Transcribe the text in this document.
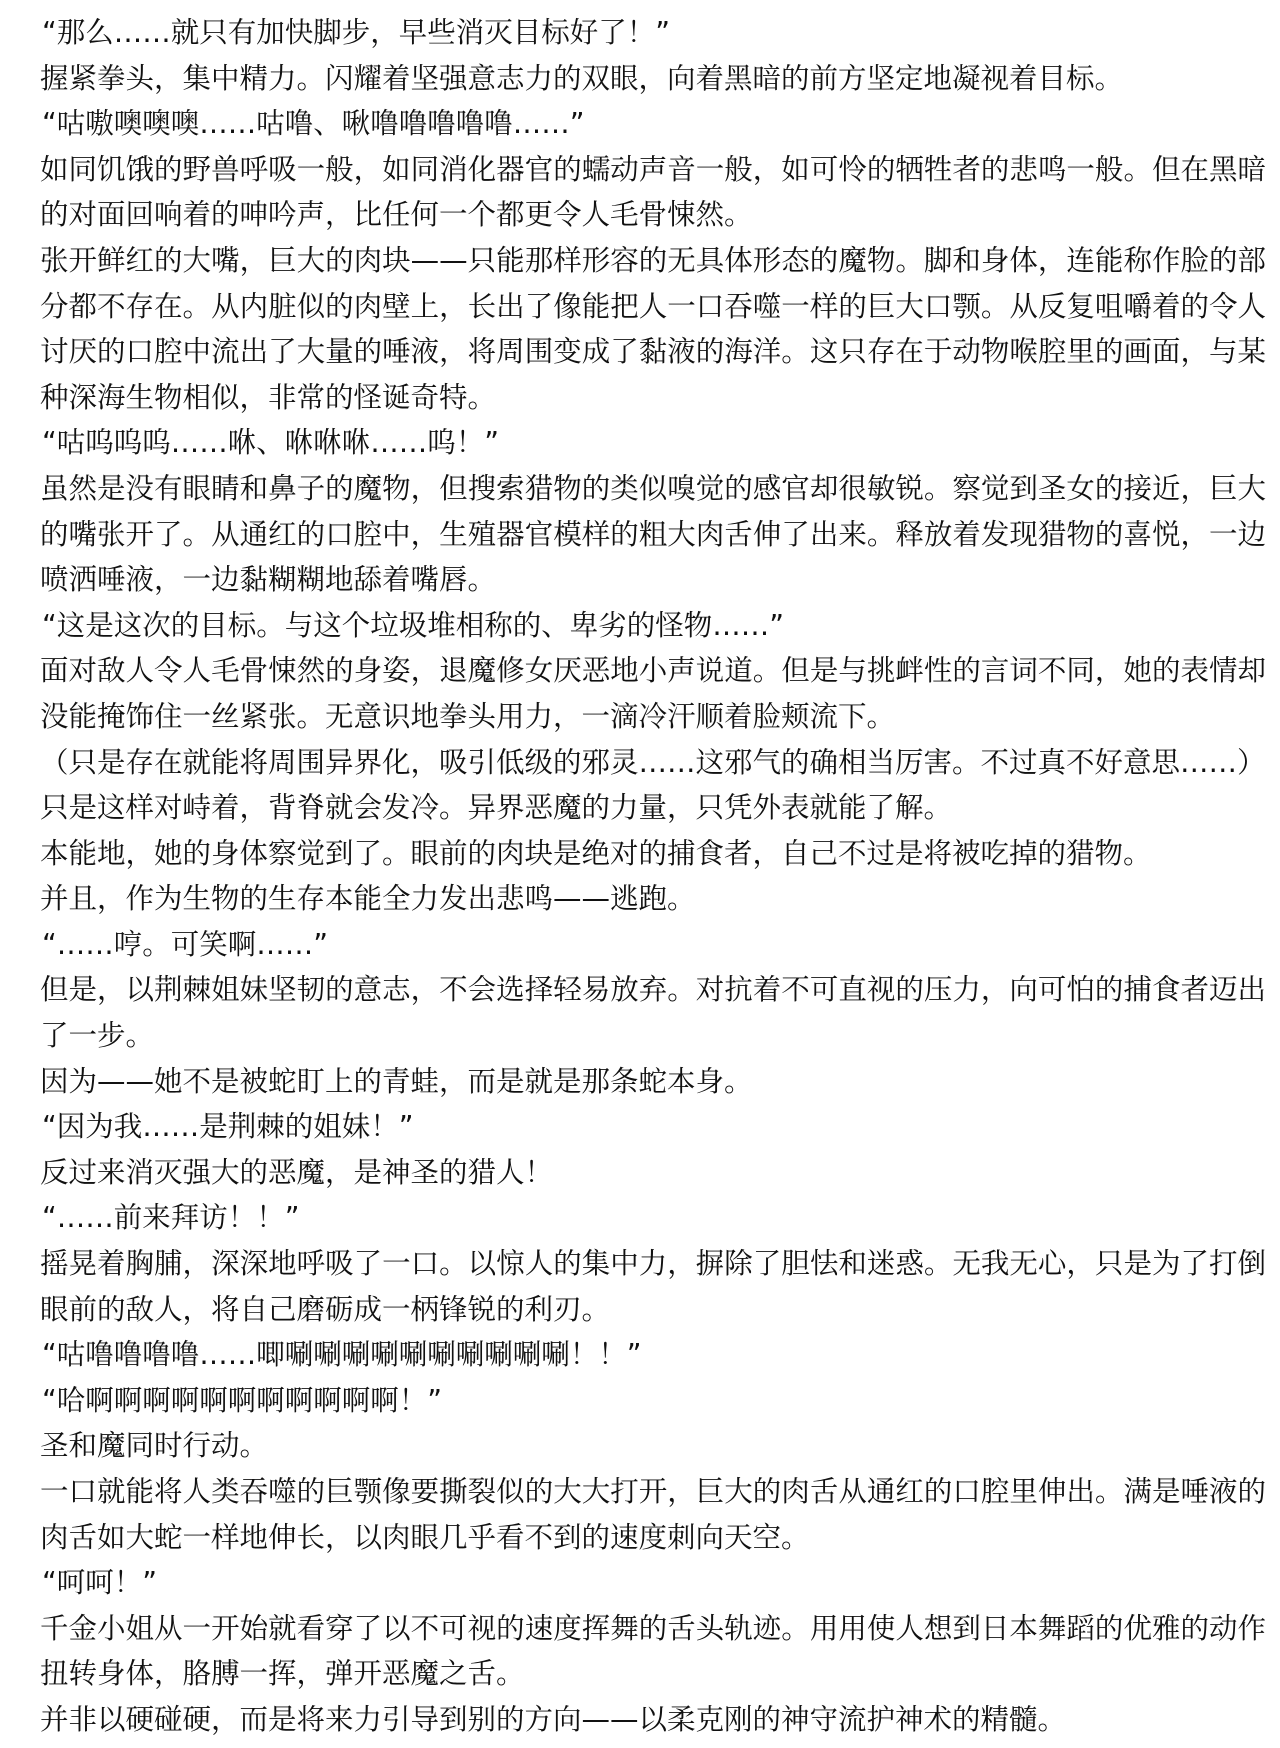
“那么……就只有加快脚步，早些消灭目标好了！”

握紧拳头，集中精力。闪耀着坚强意志力的双眼，向着黑暗的前方坚定地凝视着目标。

“咕嗷噢噢噢……咕噜、啾噜噜噜噜噜……”

如同饥饿的野兽呼吸一般，如同消化器官的蠕动声音一般，如可怜的牺牲者的悲鸣一般。但在黑暗的对面回响着的呻吟声，比任何一个都更令人毛骨悚然。

张开鲜红的大嘴，巨大的肉块——只能那样形容的无具体形态的魔物。脚和身体，连能称作脸的部分都不存在。从内脏似的肉壁上，长出了像能把人一口吞噬一样的巨大口颚。从反复咀嚼着的令人讨厌的口腔中流出了大量的唾液，将周围变成了黏液的海洋。这只存在于动物喉腔里的画面，与某种深海生物相似，非常的怪诞奇特。

“咕呜呜呜……咻、咻咻咻……呜！”

虽然是没有眼睛和鼻子的魔物，但搜索猎物的类似嗅觉的感官却很敏锐。察觉到圣女的接近，巨大的嘴张开了。从通红的口腔中，生殖器官模样的粗大肉舌伸了出来。释放着发现猎物的喜悦，一边喷洒唾液，一边黏糊糊地舔着嘴唇。

“这是这次的目标。与这个垃圾堆相称的、卑劣的怪物……”

面对敌人令人毛骨悚然的身姿，退魔修女厌恶地小声说道。但是与挑衅性的言词不同，她的表情却没能掩饰住一丝紧张。无意识地拳头用力，一滴冷汗顺着脸颊流下。

（只是存在就能将周围异界化，吸引低级的邪灵……这邪气的确相当厉害。不过真不好意思……）

只是这样对峙着，背脊就会发冷。异界恶魔的力量，只凭外表就能了解。

本能地，她的身体察觉到了。眼前的肉块是绝对的捕食者，自己不过是将被吃掉的猎物。

并且，作为生物的生存本能全力发出悲鸣——逃跑。

“……哼。可笑啊……”

但是，以荆棘姐妹坚韧的意志，不会选择轻易放弃。对抗着不可直视的压力，向可怕的捕食者迈出了一步。

因为——她不是被蛇盯上的青蛙，而是就是那条蛇本身。

“因为我……是荆棘的姐妹！”

反过来消灭强大的恶魔，是神圣的猎人！

“……前来拜访！！”

摇晃着胸脯，深深地呼吸了一口。以惊人的集中力，摒除了胆怯和迷惑。无我无心，只是为了打倒眼前的敌人，将自己磨砺成一柄锋锐的利刃。

“咕噜噜噜噜……唧唰唰唰唰唰唰唰唰唰唰！！”

“哈啊啊啊啊啊啊啊啊啊啊啊！”

圣和魔同时行动。

一口就能将人类吞噬的巨颚像要撕裂似的大大打开，巨大的肉舌从通红的口腔里伸出。满是唾液的肉舌如大蛇一样地伸长，以肉眼几乎看不到的速度刺向天空。

“呵呵！”

千金小姐从一开始就看穿了以不可视的速度挥舞的舌头轨迹。用用使人想到日本舞蹈的优雅的动作扭转身体，胳膊一挥，弹开恶魔之舌。

并非以硬碰硬，而是将来力引导到别的方向——以柔克刚的神守流护神术的精髓。
